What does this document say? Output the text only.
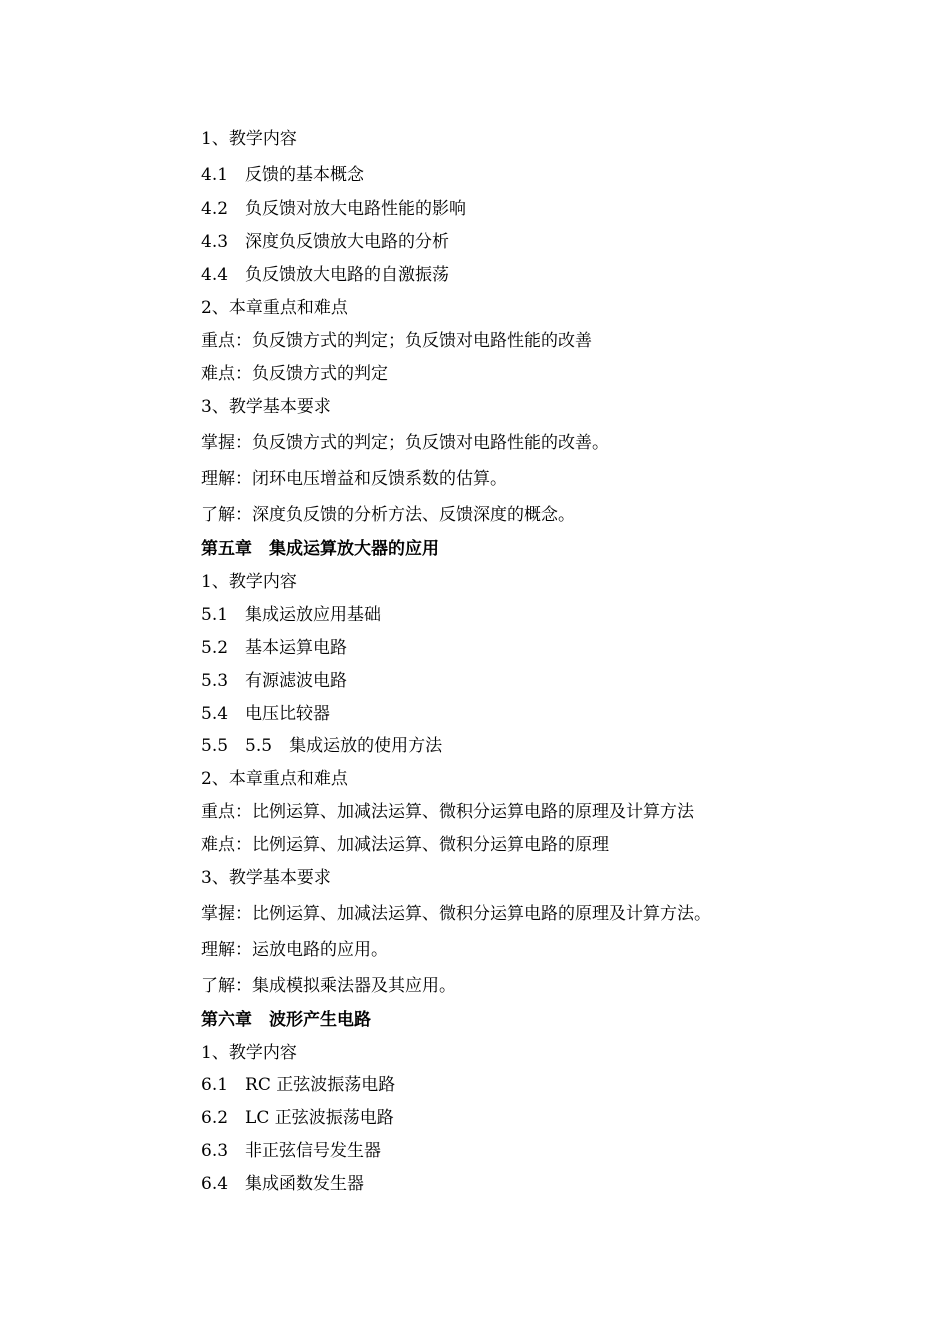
1、教学内容
4.1　反馈的基本概念
4.2　负反馈对放大电路性能的影响
4.3　深度负反馈放大电路的分析
4.4　负反馈放大电路的自激振荡
2、本章重点和难点
重点：负反馈方式的判定；负反馈对电路性能的改善
难点：负反馈方式的判定
3、教学基本要求
掌握：负反馈方式的判定；负反馈对电路性能的改善。
理解：闭环电压增益和反馈系数的估算。
了解：深度负反馈的分析方法、反馈深度的概念。
第五章　集成运算放大器的应用
1、教学内容
5.1　集成运放应用基础
5.2　基本运算电路
5.3　有源滤波电路
5.4　电压比较器
5.5　5.5　集成运放的使用方法
2、本章重点和难点
重点：比例运算、加减法运算、微积分运算电路的原理及计算方法
难点：比例运算、加减法运算、微积分运算电路的原理
3、教学基本要求
掌握：比例运算、加减法运算、微积分运算电路的原理及计算方法。
理解：运放电路的应用。
了解：集成模拟乘法器及其应用。
第六章　波形产生电路
1、教学内容
6.1　RC 正弦波振荡电路
6.2　LC 正弦波振荡电路
6.3　非正弦信号发生器
6.4　集成函数发生器
